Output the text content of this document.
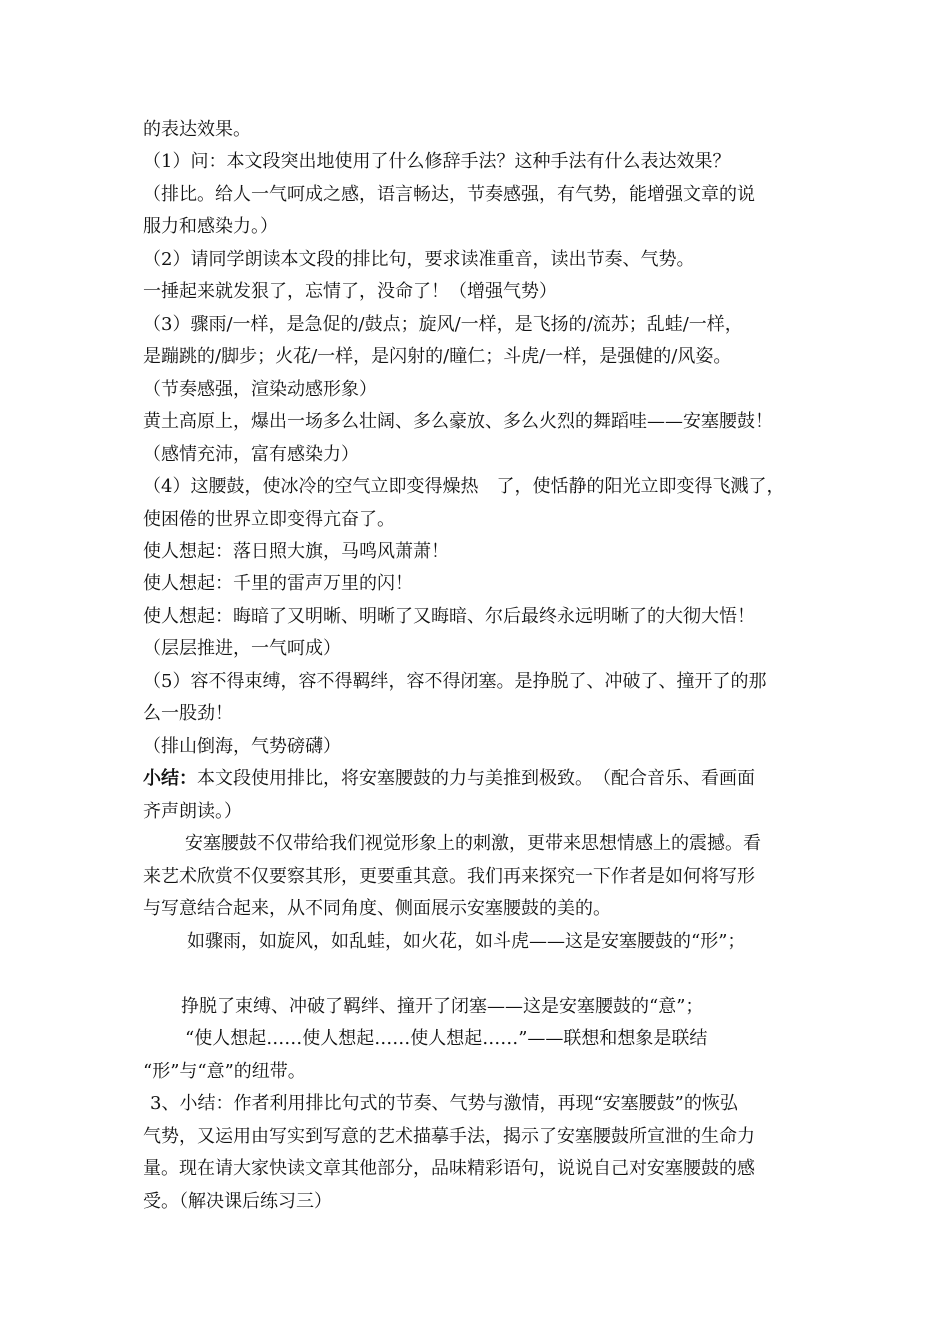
的表达效果。

（1）问：本文段突出地使用了什么修辞手法？这种手法有什么表达效果？

（排比。给人一气呵成之感，语言畅达，节奏感强，有气势，能增强文章的说

服力和感染力。）

（2）请同学朗读本文段的排比句，要求读准重音，读出节奏、气势。

一捶起来就发狠了，忘情了，没命了！（增强气势）

（3）骤雨/一样，是急促的/鼓点；旋风/一样，是飞扬的/流苏；乱蛙/一样，

是蹦跳的/脚步；火花/一样，是闪射的/瞳仁；斗虎/一样，是强健的/风姿。

（节奏感强，渲染动感形象）

黄土高原上，爆出一场多么壮阔、多么豪放、多么火烈的舞蹈哇——安塞腰鼓！

（感情充沛，富有感染力）

（4）这腰鼓，使冰冷的空气立即变得燥热　了，使恬静的阳光立即变得飞溅了，

使困倦的世界立即变得亢奋了。

使人想起：落日照大旗，马鸣风萧萧！

使人想起：千里的雷声万里的闪！

使人想起：晦暗了又明晰、明晰了又晦暗、尔后最终永远明晰了的大彻大悟！

（层层推进，一气呵成）

（5）容不得束缚，容不得羁绊，容不得闭塞。是挣脱了、冲破了、撞开了的那

么一股劲！

（排山倒海，气势磅礴）

小结：本文段使用排比，将安塞腰鼓的力与美推到极致。　（配合音乐、看画面

齐声朗读。）

安塞腰鼓不仅带给我们视觉形象上的刺激，更带来思想情感上的震撼。看

来艺术欣赏不仅要察其形，更要重其意。我们再来探究一下作者是如何将写形

与写意结合起来，从不同角度、侧面展示安塞腰鼓的美的。

如骤雨，如旋风，如乱蛙，如火花，如斗虎——这是安塞腰鼓的“形”；

挣脱了束缚、冲破了羁绊、撞开了闭塞——这是安塞腰鼓的“意”；

“使人想起……使人想起……使人想起……”——联想和想象是联结

“形”与“意”的纽带。

3、小结：作者利用排比句式的节奏、气势与激情，再现“安塞腰鼓”的恢弘

气势，又运用由写实到写意的艺术描摹手法，揭示了安塞腰鼓所宣泄的生命力

量。现在请大家快读文章其他部分，品味精彩语句，说说自己对安塞腰鼓的感

受。（解决课后练习三）
